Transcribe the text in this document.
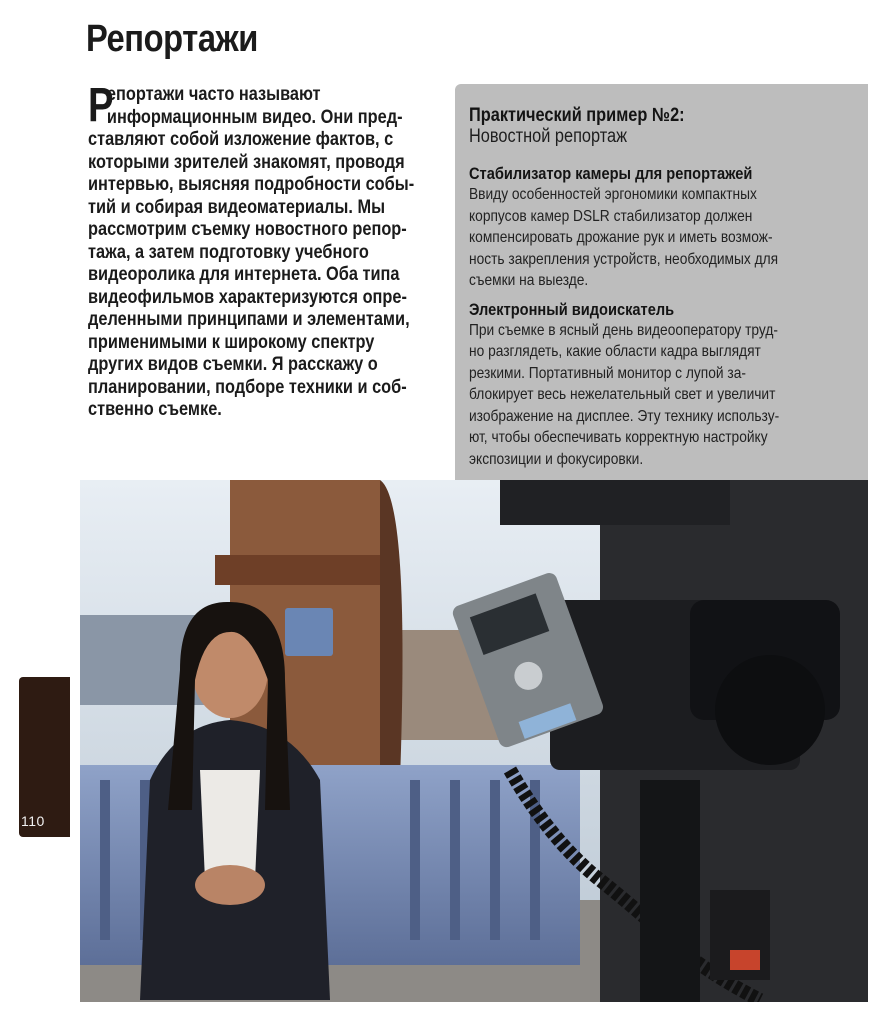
Репортажи
Р
епортажи часто называют
информационным видео. Они пред-
ставляют собой изложение фактов, с
которыми зрителей знакомят, проводя
интервью, выясняя подробности собы-
тий и собирая видеоматериалы. Мы
рассмотрим съемку новостного репор-
тажа, а затем подготовку учебного
видеоролика для интернета. Оба типа
видеофильмов характеризуются опре-
деленными принципами и элементами,
применимыми к широкому спектру
других видов съемки. Я расскажу о
планировании, подборе техники и соб-
ственно съемке.
Практический пример №2:
Новостной репортаж
Стабилизатор камеры для репортажей
Ввиду особенностей эргономики компактных
корпусов камер DSLR стабилизатор должен
компенсировать дрожание рук и иметь возмож-
ность закрепления устройств, необходимых для
съемки на выезде.
Электронный видоискатель
При съемке в ясный день видеооператору труд-
но разглядеть, какие области кадра выглядят
резкими. Портативный монитор с лупой за-
блокирует весь нежелательный свет и увеличит
изображение на дисплее. Эту технику использу-
ют, чтобы обеспечивать корректную настройку
экспозиции и фокусировки.
110
